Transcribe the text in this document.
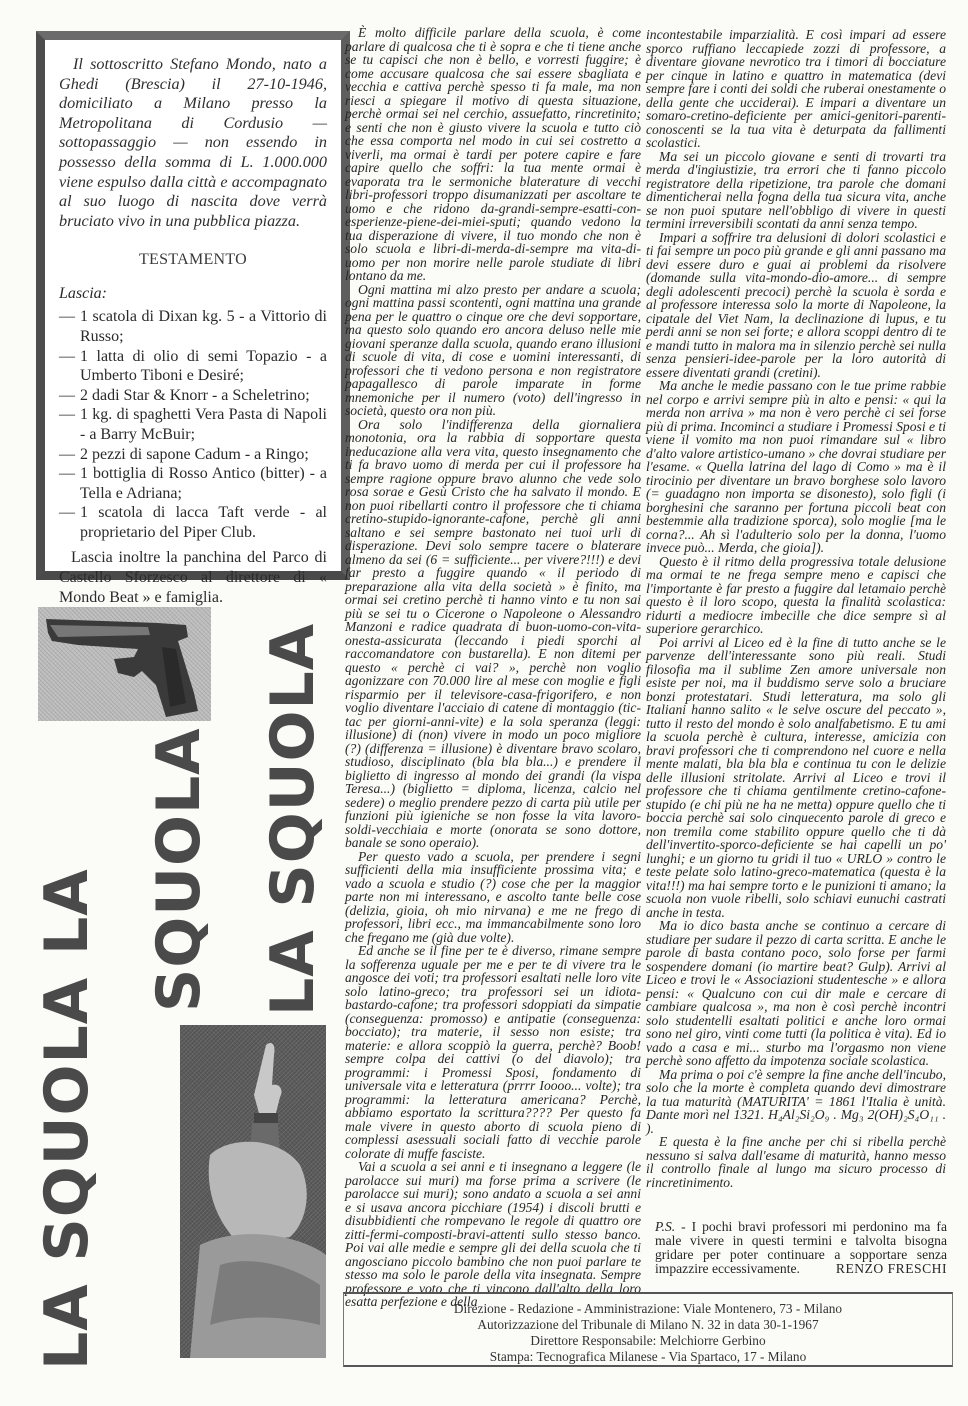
Il sottoscritto Stefano Mondo, nato a Ghedi (Brescia) il 27-10-1946, domiciliato a Milano presso la Metropolitana di Cordusio — sottopassaggio — non essendo in possesso della somma di L. 1.000.000 viene espulso dalla città e accompagnato al suo luogo di nascita dove verrà bruciato vivo in una pubblica piazza.

TESTAMENTO

Lascia:

— 1 scatola di Dixan kg. 5 - a Vittorio di Russo;
— 1 latta di olio di semi Topazio - a Umberto Tiboni e Desiré;
— 2 dadi Star & Knorr - a Scheletrino;
— 1 kg. di spaghetti Vera Pasta di Napoli - a Barry McBuir;
— 2 pezzi di sapone Cadum - a Ringo;
— 1 bottiglia di Rosso Antico (bitter) - a Tella e Adriana;
— 1 scatola di lacca Taft verde - al proprietario del Piper Club.

Lascia inoltre la panchina del Parco di Castello Sforzesco al direttore di « Mondo Beat » e famiglia.

LA SQUOLA LA SQUOLA LA SQUOLA

È molto difficile parlare della scuola, è come parlare di qualcosa che ti è sopra e che ti tiene anche se tu capisci che non è bello, e vorresti fuggire; è come accusare qualcosa che sai essere sbagliata e vecchia e cattiva perchè spesso ti fa male, ma non riesci a spiegare il motivo di questa situazione, perchè ormai sei nel cerchio, assuefatto, rincretinito; e senti che non è giusto vivere la scuola e tutto ciò che essa comporta nel modo in cui sei costretto a viverli, ma ormai è tardi per potere capire e fare capire quello che soffri: la tua mente ormai è evaporata tra le sermoniche blaterature di vecchi libri-professori troppo disumanizzati per ascoltare te uomo e che ridono da-grandi-sempre-esatti-con-esperienze-piene-dei-miei-sputi; quando vedono la tua disperazione di vivere, il tuo mondo che non è solo scuola e libri-di-merda-di-sempre ma vita-di-uomo per non morire nelle parole studiate di libri lontano da me.

Ogni mattina mi alzo presto per andare a scuola; ogni mattina passi scontenti, ogni mattina una grande pena per le quattro o cinque ore che devi sopportare, ma questo solo quando ero ancora deluso nelle mie giovani speranze dalla scuola, quando erano illusioni di scuole di vita, di cose e uomini interessanti, di professori che ti vedono persona e non registratore papagallesco di parole imparate in forme mnemoniche per il numero (voto) dell'ingresso in società, questo ora non più.

Ora solo l'indifferenza della giornaliera monotonia, ora la rabbia di sopportare questa ineducazione alla vera vita, questo insegnamento che ti fa bravo uomo di merda per cui il professore ha sempre ragione oppure bravo alunno che vede solo rosa sorae e Gesù Cristo che ha salvato il mondo. E non puoi ribellarti contro il professore che ti chiama cretino-stupido-ignorante-cafone, perchè gli anni saltano e sei sempre bastonato nei tuoi urli di disperazione. Devi solo sempre tacere o blaterare almeno da sei (6 = sufficiente... per vivere?!!!) e devi far presto a fuggire quando « il periodo di preparazione alla vita della società » è finito, ma ormai sei cretino perchè ti hanno vinto e tu non sai più se sei tu o Cicerone o Napoleone o Alessandro Manzoni e radice quadrata di buon-uomo-con-vita-onesta-assicurata (leccando i piedi sporchi al raccomandatore con bustarella). E non ditemi per questo « perchè ci vai? », perchè non voglio agonizzare con 70.000 lire al mese con moglie e figli risparmio per il televisore-casa-frigorifero, e non voglio diventare l'acciaio di catene di montaggio (tic-tac per giorni-anni-vite) e la sola speranza (leggi: illusione) di (non) vivere in modo un poco migliore (?) (differenza = illusione) è diventare bravo scolaro, studioso, disciplinato (bla bla bla...) e prendere il biglietto di ingresso al mondo dei grandi (la vispa Teresa...) (biglietto = diploma, licenza, calcio nel sedere) o meglio prendere pezzo di carta più utile per funzioni più igieniche se non fosse la vita lavoro-soldi-vecchiaia e morte (onorata se sono dottore, banale se sono operaio).

Per questo vado a scuola, per prendere i segni sufficienti della mia insufficiente prossima vita; e vado a scuola e studio (?) cose che per la maggior parte non mi interessano, e ascolto tante belle cose (delizia, gioia, oh mio nirvana) e me ne frego di professori, libri ecc., ma immancabilmente sono loro che fregano me (già due volte).

Ed anche se il fine per te è diverso, rimane sempre la sofferenza uguale per me e per te di vivere tra le angosce dei voti; tra professori esaltati nelle loro vite solo latino-greco; tra professori sei un idiota-bastardo-cafone; tra professori sdoppiati da simpatie (conseguenza: promosso) e antipatie (conseguenza: bocciato); tra materie, il sesso non esiste; tra materie: e allora scoppiò la guerra, perchè? Boob! sempre colpa dei cattivi (o del diavolo); tra programmi: i Promessi Sposi, fondamento di universale vita e letteratura (prrrr Ioooo... volte); tra programmi: la letteratura americana? Perchè, abbiamo esportato la scrittura???? Per questo fa male vivere in questo aborto di scuola pieno di complessi asessuali sociali fatto di vecchie parole colorate di muffe fasciste.

Vai a scuola a sei anni e ti insegnano a leggere (le parolacce sui muri) ma forse prima a scrivere (le parolacce sui muri); sono andato a scuola a sei anni e si usava ancora picchiare (1954) i discoli brutti e disubbidienti che rompevano le regole di quattro ore zitti-fermi-composti-bravi-attenti sullo stesso banco. Poi vai alle medie e sempre gli dei della scuola che ti angosciano piccolo bambino che non puoi parlare te stesso ma solo le parole della vita insegnata. Sempre professore e voto che ti vincono dall'alto della loro esatta perfezione e della

incontestabile imparzialità. E così impari ad essere sporco ruffiano leccapiede zozzi di professore, a diventare giovane nevrotico tra i timori di bocciature per cinque in latino e quattro in matematica (devi sempre fare i conti dei soldi che ruberai onestamente o della gente che ucciderai). E impari a diventare un somaro-cretino-deficiente per amici-genitori-parenti-conoscenti se la tua vita è deturpata da fallimenti scolastici.

Ma sei un piccolo giovane e senti di trovarti tra merda d'ingiustizie, tra errori che ti fanno piccolo registratore della ripetizione, tra parole che domani dimenticherai nella fogna della tua sicura vita, anche se non puoi sputare nell'obbligo di vivere in questi termini irreversibili scontati da anni senza tempo.

Impari a soffrire tra delusioni di dolori scolastici e ti fai sempre un poco più grande e gli anni passano ma devi essere duro e guai ai problemi da risolvere (domande sulla vita-mondo-dio-amore... di sempre degli adolescenti precoci) perchè la scuola è sorda e al professore interessa solo la morte di Napoleone, la cipatale del Viet Nam, la declinazione di lupus, e tu perdi anni se non sei forte; e allora scoppi dentro di te e mandi tutto in malora ma in silenzio perchè sei nulla senza pensieri-idee-parole per la loro autorità di essere diventati grandi (cretini).

Ma anche le medie passano con le tue prime rabbie nel corpo e arrivi sempre più in alto e pensi: « qui la merda non arriva » ma non è vero perchè ci sei forse più di prima. Incominci a studiare i Promessi Sposi e ti viene il vomito ma non puoi rimandare sul « libro d'alto valore artistico-umano » che dovrai studiare per l'esame. « Quella latrina del lago di Como » ma è il tirocinio per diventare un bravo borghese solo lavoro (= guadagno non importa se disonesto), solo figli (i borghesini che saranno per fortuna piccoli beat con bestemmie alla tradizione sporca), solo moglie [ma le corna?... Ah sì l'adulterio solo per la donna, l'uomo invece può... Merda, che gioia]).

Questo è il ritmo della progressiva totale delusione ma ormai te ne frega sempre meno e capisci che l'importante è far presto a fuggire dal letamaio perchè questo è il loro scopo, questa la finalità scolastica: ridurti a mediocre imbecille che dice sempre sì al superiore gerarchico.

Poi arrivi al Liceo ed è la fine di tutto anche se le parvenze dell'interessante sono più reali. Studi filosofia ma il sublime Zen amore universale non esiste per noi, ma il buddismo serve solo a bruciare bonzi protestatari. Studi letteratura, ma solo gli Italiani hanno salito « le selve oscure del peccato », tutto il resto del mondo è solo analfabetismo. E tu ami la scuola perchè è cultura, interesse, amicizia con bravi professori che ti comprendono nel cuore e nella mente malati, bla bla bla e continua tu con le delizie delle illusioni stritolate. Arrivi al Liceo e trovi il professore che ti chiama gentilmente cretino-cafone-stupido (e chi più ne ha ne metta) oppure quello che ti boccia perchè sai solo cinquecento parole di greco e non tremila come stabilito oppure quello che ti dà dell'invertito-sporco-deficiente se hai capelli un po' lunghi; e un giorno tu gridi il tuo « URLO » contro le teste pelate solo latino-greco-matematica (questa è la vita!!!) ma hai sempre torto e le punizioni ti amano; la scuola non vuole ribelli, solo schiavi eunuchi castrati anche in testa.

Ma io dico basta anche se continuo a cercare di studiare per sudare il pezzo di carta scritta. E anche le parole di basta contano poco, solo forse per farmi sospendere domani (io martire beat? Gulp). Arrivi al Liceo e trovi le « Associazioni studentesche » e allora pensi: « Qualcuno con cui dir male e cercare di cambiare qualcosa », ma non è così perchè incontri solo studentelli esaltati politici e anche loro ormai sono nel giro, vinti come tutti (la politica è vita). Ed io vado a casa e mi... sturbo ma l'orgasmo non viene perchè sono affetto da impotenza sociale scolastica.

Ma prima o poi c'è sempre la fine anche dell'incubo, solo che la morte è completa quando devi dimostrare la tua maturità (MATURITA' = 1861 l'Italia è unità. Dante morì nel 1321. H₄Al₂Si₂O₉ . Mg₃ 2(OH)₂S₄O₁₁ . ).

E questa è la fine anche per chi si ribella perchè nessuno si salva dall'esame di maturità, hanno messo il controllo finale al lungo ma sicuro processo di rincretinimento.

P.S. - I pochi bravi professori mi perdonino ma fa male vivere in questi termini e talvolta bisogna gridare per poter continuare a sopportare senza impazzire eccessivamente.	RENZO FRESCHI
Direzione - Redazione - Amministrazione: Viale Montenero, 73 - Milano
Autorizzazione del Tribunale di Milano N. 32 in data 30-1-1967
Direttore Responsabile: Melchiorre Gerbino
Stampa: Tecnografica Milanese - Via Spartaco, 17 - Milano
